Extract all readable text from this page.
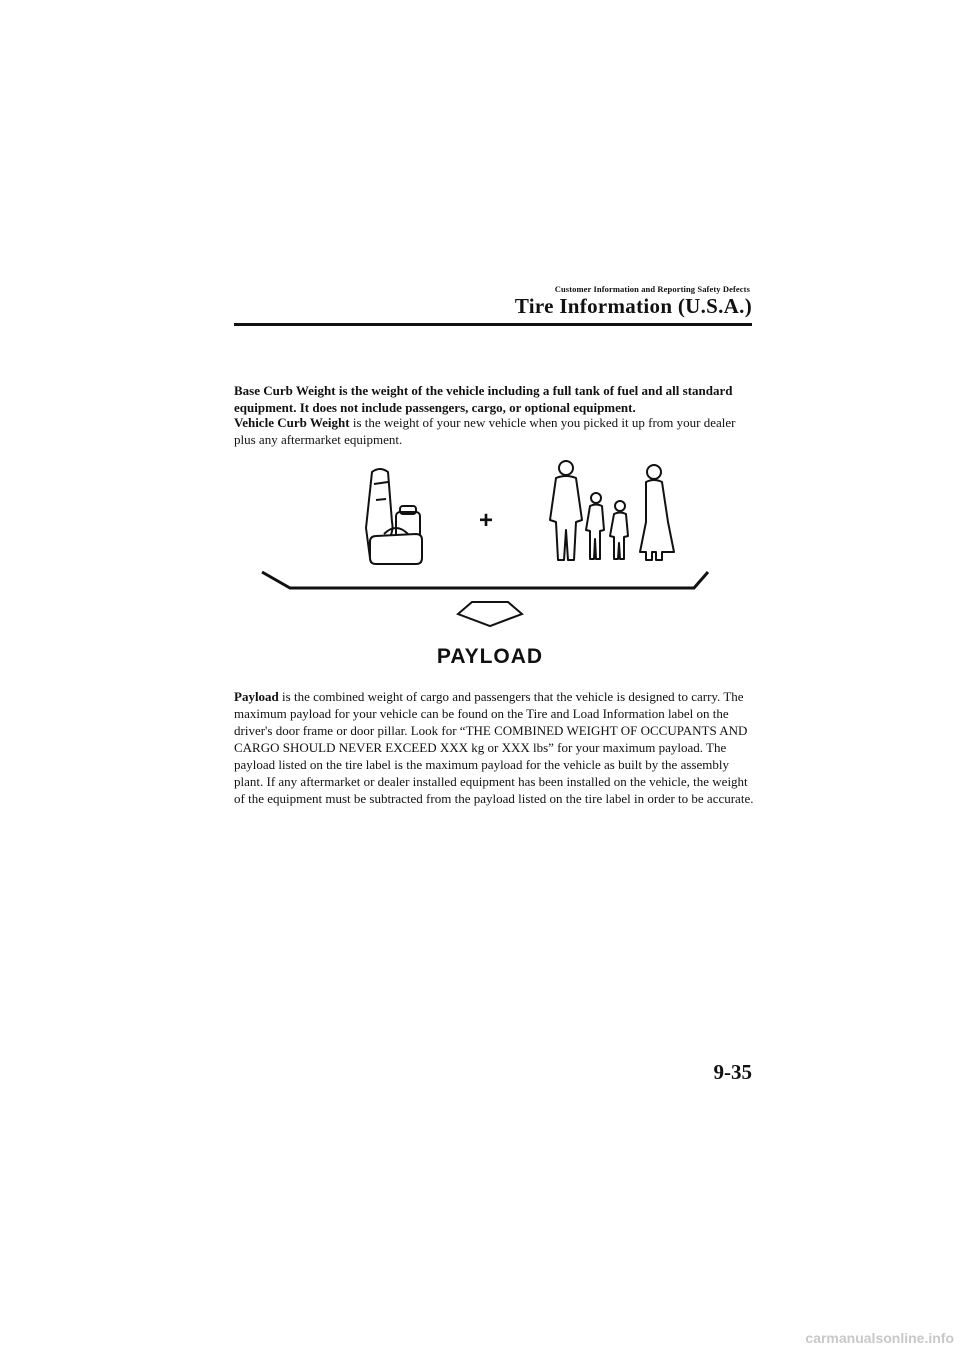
Customer Information and Reporting Safety Defects
Tire Information (U.S.A.)

Base Curb Weight is the weight of the vehicle including a full tank of fuel and all standard equipment. It does not include passengers, cargo, or optional equipment.

Vehicle Curb Weight is the weight of your new vehicle when you picked it up from your dealer plus any aftermarket equipment.

+
PAYLOAD

Payload is the combined weight of cargo and passengers that the vehicle is designed to carry. The maximum payload for your vehicle can be found on the Tire and Load Information label on the driver's door frame or door pillar. Look for “THE COMBINED WEIGHT OF OCCUPANTS AND CARGO SHOULD NEVER EXCEED XXX kg or XXX lbs” for your maximum payload. The payload listed on the tire label is the maximum payload for the vehicle as built by the assembly plant. If any aftermarket or dealer installed equipment has been installed on the vehicle, the weight of the equipment must be subtracted from the payload listed on the tire label in order to be accurate.

9-35
carmanualsonline.info
